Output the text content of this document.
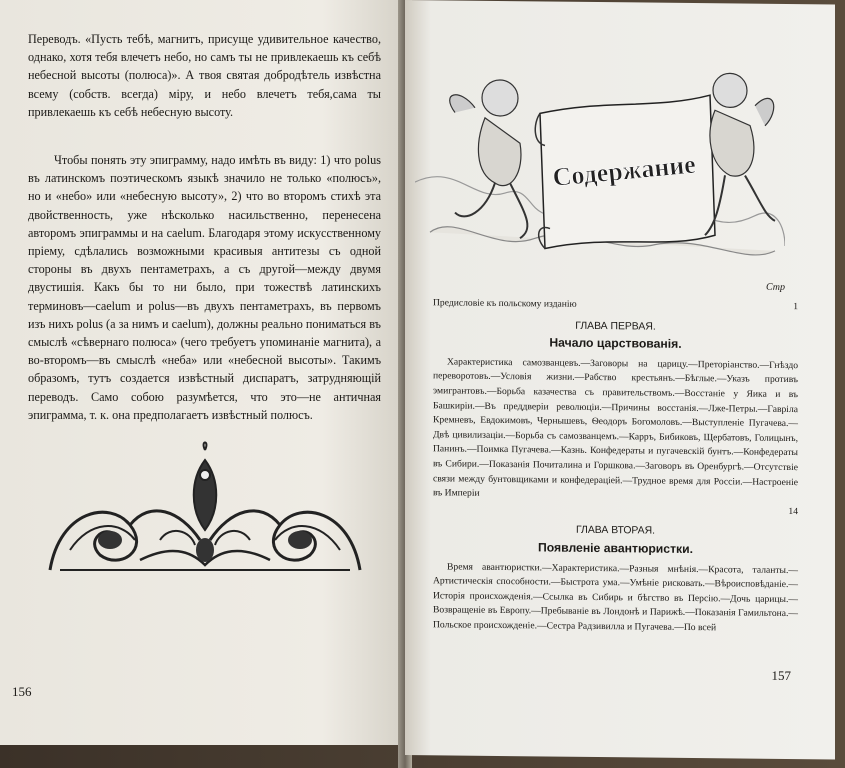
Переводъ. «Пусть тебѣ, магнитъ, присуще удивительное качество, однако, хотя тебя влечетъ небо, но самъ ты не привлекаешь къ себѣ небесной высоты (полюса)». А твоя святая добродѣтель извѣстна всему (собств. всегда) міру, и небо влечетъ тебя,сама ты привлекаешь къ себѣ небесную высоту.

Чтобы понять эту эпиграмму, надо имѣть въ виду: 1) что polus въ латинскомъ поэтическомъ языкѣ значило не только «полюсъ», но и «небо» или «небесную высоту», 2) что во второмъ стихѣ эта двойственность, уже нѣсколько насильственно, перенесена авторомъ эпиграммы и на caelum. Благодаря этому искусственному пріему, сдѣлались возможными красивыя антитезы съ одной стороны въ двухъ пентаметрахъ, а съ другой—между двумя двустишія. Какъ бы то ни было, при тожествѣ латинскихъ терминовъ—caelum и polus—въ двухъ пентаметрахъ, въ первомъ изъ нихъ polus (а за нимъ и caelum), должны реально пониматься въ смыслѣ «сѣвернаго полюса» (чего требуетъ упоминаніе магнита), а во-второмъ—въ смыслѣ «неба» или «небесной высоты». Такимъ образомъ, тутъ создается извѣстный диспаратъ, затрудняющій переводъ. Само собою разумѣется, что это—не античная эпиграмма, т. к. она предполагаетъ извѣстный полюсъ.

156
Содержание
Стр
Предисловіе къ польскому изданію	1
ГЛАВА ПЕРВАЯ.
Начало царствованія.

Характеристика самозванцевъ.—Заговоры на царицу.—Преторіанство.—Гнѣздо переворотовъ.—Условія жизни.—Рабство крестьянъ.—Бѣглые.—Указъ противъ эмигрантовъ.—Борьба казачества съ правительствомъ.—Восстаніе у Яика и въ Башкиріи.—Въ преддверіи революціи.—Причины восстанія.—Лже-Петры.—Гавріла Кремневъ, Евдокимовъ, Чернышевъ, Ѳеодоръ Богомоловъ.—Выступленіе Пугачева.—Двѣ цивилизаціи.—Борьба съ самозванцемъ.—Карръ, Бибиковъ, Щербатовъ, Голицынъ, Панинъ.—Поимка Пугачева.—Казнь. Конфедераты и пугачевскій бунтъ.—Конфедераты въ Сибири.—Показанія Почиталина и Горшкова.—Заговоръ въ Оренбургѣ.—Отсутствіе связи между бунтовщиками и конфедераціей.—Трудное время для Россіи.—Настроеніе въ Имперіи

14
ГЛАВА ВТОРАЯ.
Появленіе авантюристки.

Время авантюристки.—Характеристика.—Разныя мнѣнія.—Красота, таланты.—Артистическія способности.—Быстрота ума.—Умѣніе рисковать.—Вѣроисповѣданіе.—Исторія происхожденія.—Ссылка въ Сибирь и бѣгство въ Персію.—Дочь царицы.—Возвращеніе въ Европу.—Пребываніе въ Лондонѣ и Парижѣ.—Показанія Гамильтона.—Польское происхожденіе.—Сестра Радзивилла и Пугачева.—По всей

157
